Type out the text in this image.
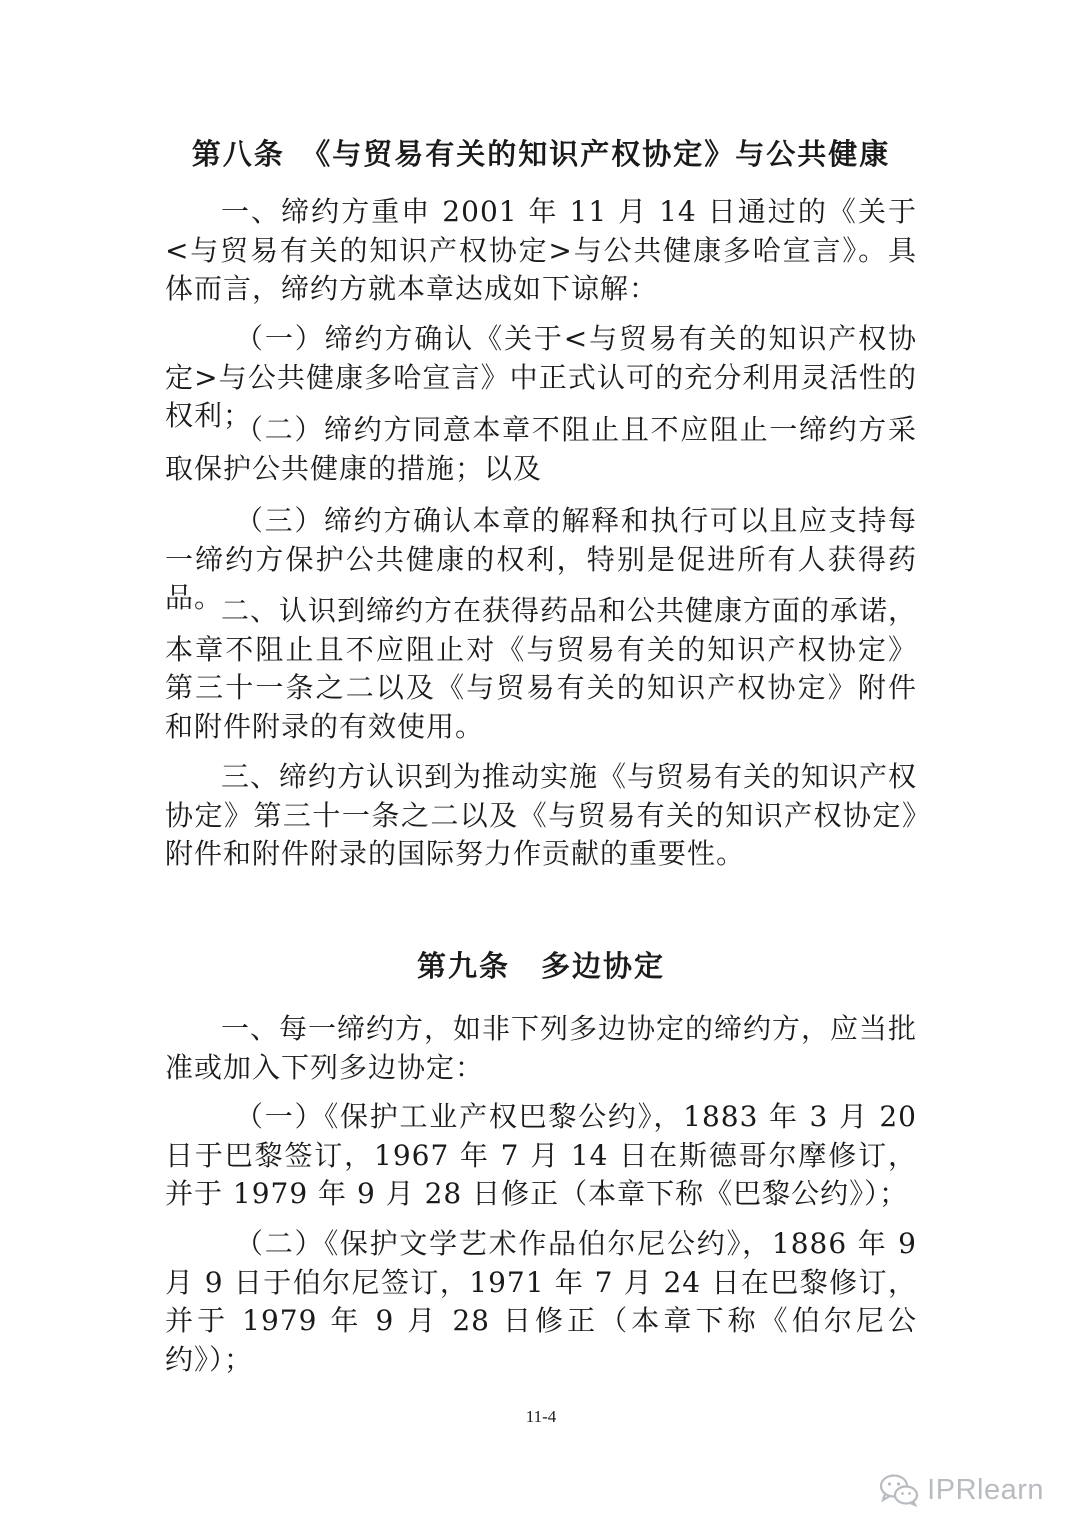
第八条　《与贸易有关的知识产权协定》与公共健康

一、缔约方重申 2001 年 11 月 14 日通过的《关于<与贸易有关的知识产权协定>与公共健康多哈宣言》。具体而言，缔约方就本章达成如下谅解：

（一）缔约方确认《关于<与贸易有关的知识产权协定>与公共健康多哈宣言》中正式认可的充分利用灵活性的权利；

（二）缔约方同意本章不阻止且不应阻止一缔约方采取保护公共健康的措施；以及

（三）缔约方确认本章的解释和执行可以且应支持每一缔约方保护公共健康的权利，特别是促进所有人获得药品。

二、认识到缔约方在获得药品和公共健康方面的承诺，本章不阻止且不应阻止对《与贸易有关的知识产权协定》第三十一条之二以及《与贸易有关的知识产权协定》附件和附件附录的有效使用。

三、缔约方认识到为推动实施《与贸易有关的知识产权协定》第三十一条之二以及《与贸易有关的知识产权协定》附件和附件附录的国际努力作贡献的重要性。

第九条　多边协定

一、每一缔约方，如非下列多边协定的缔约方，应当批准或加入下列多边协定：

（一）《保护工业产权巴黎公约》，1883 年 3 月 20 日于巴黎签订，1967 年 7 月 14 日在斯德哥尔摩修订，并于 1979 年 9 月 28 日修正（本章下称《巴黎公约》）；

（二）《保护文学艺术作品伯尔尼公约》，1886 年 9 月 9 日于伯尔尼签订，1971 年 7 月 24 日在巴黎修订，并于 1979 年 9 月 28 日修正（本章下称《伯尔尼公约》）；

11-4

IPRlearn
